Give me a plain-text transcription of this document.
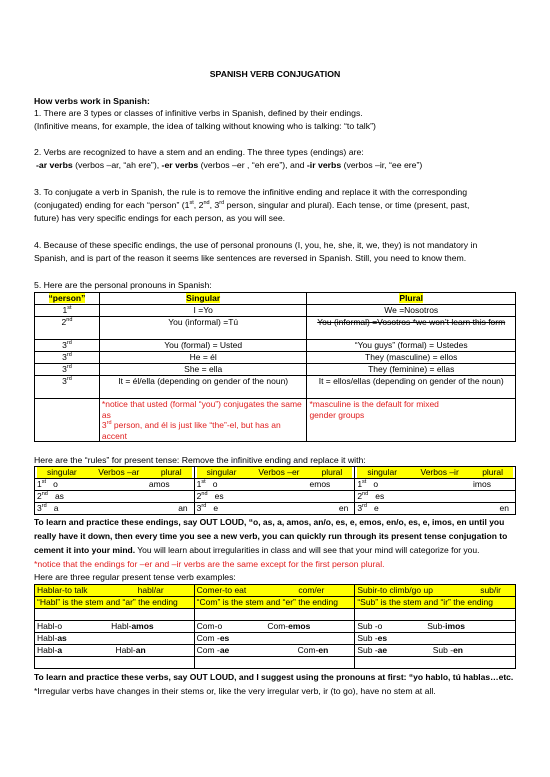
SPANISH VERB CONJUGATION
How verbs work in Spanish:
1. There are 3 types or classes of infinitive verbs in Spanish, defined by their endings.
(Infinitive means, for example, the idea of talking without knowing who is talking: “to talk”)
2. Verbs are recognized to have a stem and an ending. The three types (endings) are:
-ar verbs (verbos –ar, “ah ere”), -er verbs (verbos –er , “eh ere”), and -ir verbs (verbos –ir, “ee ere”)
3. To conjugate a verb in Spanish, the rule is to remove the infinitive ending and replace it with the corresponding
(conjugated) ending for each “person” (1st, 2nd, 3rd person, singular and plural). Each tense, or time (present, past,
future) has very specific endings for each person, as you will see.
4. Because of these specific endings, the use of personal pronouns (I, you, he, she, it, we, they) is not mandatory in
Spanish, and is part of the reason it seems like sentences are reversed in Spanish. Still, you need to know them.
5. Here are the personal pronouns in Spanish:
“person”	Singular	Plural
1st	I =Yo	We =Nosotros
2nd	You (informal) =Tú	You (informal) =Vosotros *we won’t learn this form
3rd	You (formal) = Usted	“You guys” (formal) = Ustedes
3rd	He = él	They (masculine) = ellos
3rd	She = ella	They (feminine) = ellas
3rd	It = él/ella (depending on gender of the noun)	It = ellos/ellas (depending on gender of the noun)

	*notice that usted (formal “you”) conjugates the same as
3rd person, and él is just like “the”-el, but has an accent	*masculine is the default for mixed
gender groups
Here are the “rules” for present tense: Remove the infinitive ending and replace it with:
singular Verbos –ar plural	singular Verbos –er plural	singular Verbos –ir plural

1st o amos	1st o emos	1st o imos

2nd as	2nd es	2nd es

3rd a an	3rd e en	3rd e en
To learn and practice these endings, say OUT LOUD, “o, as, a, amos, an/o, es, e, emos, en/o, es, e, imos, en until you
really have it down, then every time you see a new verb, you can quickly run through its present tense conjugation to
cement it into your mind. You will learn about irregularities in class and will see that your mind will categorize for you.
*notice that the endings for –er and –ir verbs are the same except for the first person plural.
Here are three regular present tense verb examples:
Hablar-to talk habl/ar	Comer-to eat com/er	Subir-to climb/go up sub/ir

“Habl” is the stem and “ar” the ending	“Com” is the stem and “er” the ending	“Sub” is the stem and “ir” the ending

Habl-o Habl-amos	Com-o Com-emos	Sub -o Sub-imos

Habl-as	Com -es	Sub -es

Habl-a Habl-an	Com -ae Com-en	Sub -ae Sub -en

To learn and practice these verbs, say OUT LOUD, and I suggest using the pronouns at first: “yo hablo, tú hablas…etc.
*Irregular verbs have changes in their stems or, like the very irregular verb, ir (to go), have no stem at all.
